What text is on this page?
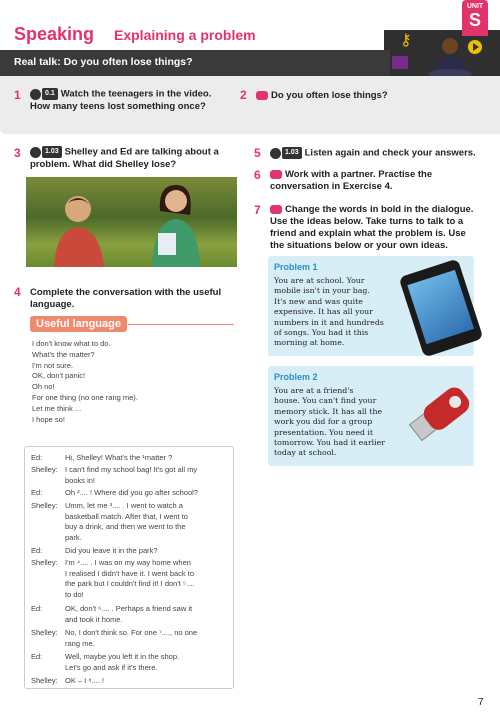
Speaking Explaining a problem	⚷
UNIT
S
Real talk: Do you often lose things?
1	0.1 Watch the teenagers in the video.
How many teens lost something once?
2	Do you often lose things?
3	1.03 Shelley and Ed are talking about a
problem. What did Shelley lose?
4 Complete the conversation with the useful
language.
Useful language
I don't know what to do.
What's the matter?
I'm not sure.
OK, don't panic!
Oh no!
For one thing (no one rang me).
Let me think ...
I hope so!
Ed:	Hi, Shelley! What's the ¹matter ?
Shelley: I can't find my school bag! It's got all my
books in!
Ed:	Oh ².... ! Where did you go after school?
Shelley: Umm, let me ³.... . I went to watch a
basketball match. After that, I went to
buy a drink, and then we went to the
park.
Ed:	Did you leave it in the park?
Shelley: I'm ⁴.... . I was on my way home when
I realised I didn't have it. I went back to
the park but I couldn't find it! I don't ⁵....
to do!
Ed:	OK, don't ⁶.... . Perhaps a friend saw it
and took it home.
Shelley: No, I don't think so. For one ⁷...., no one
rang me.
Ed:	Well, maybe you left it in the shop.
Let's go and ask if it's there.
Shelley: OK – I ⁸.... !
5	1.03 Listen again and check your answers.
6	Work with a partner. Practise the
conversation in Exercise 4.
7	Change the words in bold in the dialogue.
Use the ideas below. Take turns to talk to a
friend and explain what the problem is. Use
the situations below or your own ideas.
Problem 1
You are at school. Your
mobile isn't in your bag.
It's new and was quite
expensive. It has all your
numbers in it and hundreds
of songs. You had it this
morning at home.
Problem 2
You are at a friend's
house. You can't find your
memory stick. It has all the
work you did for a group
presentation. You need it
tomorrow. You had it earlier
today at school.
7
